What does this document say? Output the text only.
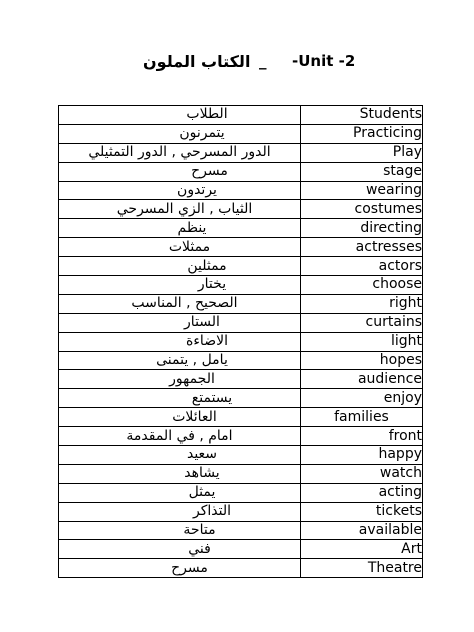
الكتاب الملون _ -Unit -2
الطلاب	Students

يتمرنون	Practicing

الدور المسرحي , الدور التمثيلي	Play

مسرح	stage

يرتدون	wearing

الثياب , الزي المسرحي	costumes

ينظم	directing

ممثلات	actresses

ممثلين	actors

يختار	choose

الصحيح , المناسب	right

الستار	curtains

الاضاءة	light

يامل , يتمنى	hopes

الجمهور	audience

يستمتع	enjoy

العائلات	families

امام , في المقدمة	front

سعيد	happy

يشاهد	watch

يمثل	acting

التذاكر	tickets

متاحة	available

فني	Art

مسرح	Theatre
